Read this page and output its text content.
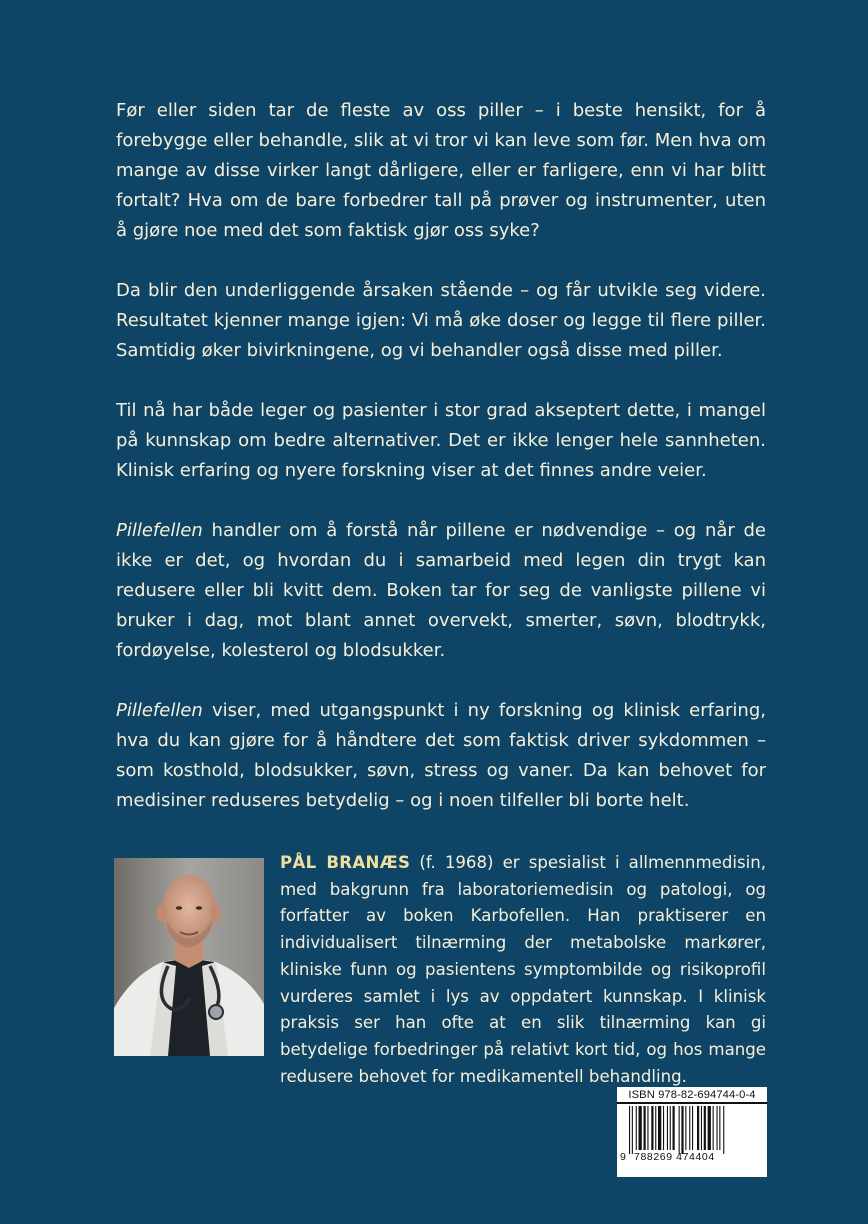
Før eller siden tar de fleste av oss piller – i beste hensikt, for å forebygge eller behandle, slik at vi tror vi kan leve som før. Men hva om mange av disse virker langt dårligere, eller er farligere, enn vi har blitt fortalt? Hva om de bare forbedrer tall på prøver og instrumenter, uten å gjøre noe med det som faktisk gjør oss syke?

Da blir den underliggende årsaken stående – og får utvikle seg videre. Resultatet kjenner mange igjen: Vi må øke doser og legge til flere piller. Samtidig øker bivirkningene, og vi behandler også disse med piller.

Til nå har både leger og pasienter i stor grad akseptert dette, i mangel på kunnskap om bedre alternativer. Det er ikke lenger hele sannheten. Klinisk erfaring og nyere forskning viser at det finnes andre veier.

Pillefellen handler om å forstå når pillene er nødvendige – og når de ikke er det, og hvordan du i samarbeid med legen din trygt kan redusere eller bli kvitt dem. Boken tar for seg de vanligste pillene vi bruker i dag, mot blant annet overvekt, smerter, søvn, blodtrykk, fordøyelse, kolesterol og blodsukker.

Pillefellen viser, med utgangspunkt i ny forskning og klinisk erfaring, hva du kan gjøre for å håndtere det som faktisk driver sykdommen – som kosthold, blodsukker, søvn, stress og vaner. Da kan behovet for medisiner reduseres betydelig – og i noen tilfeller bli borte helt.

PÅL BRANÆS (f. 1968) er spesialist i allmennmedisin, med bakgrunn fra laboratoriemedisin og patologi, og forfatter av boken Karbofellen. Han praktiserer en individualisert tilnærming der metabolske markører, kliniske funn og pasientens symptombilde og risikoprofil vurderes samlet i lys av oppdatert kunnskap. I klinisk praksis ser han ofte at en slik tilnærming kan gi betydelige forbedringer på relativt kort tid, og hos mange redusere behovet for medikamentell behandling.

ISBN 978-82-694744-0-4
9 788269 474404
